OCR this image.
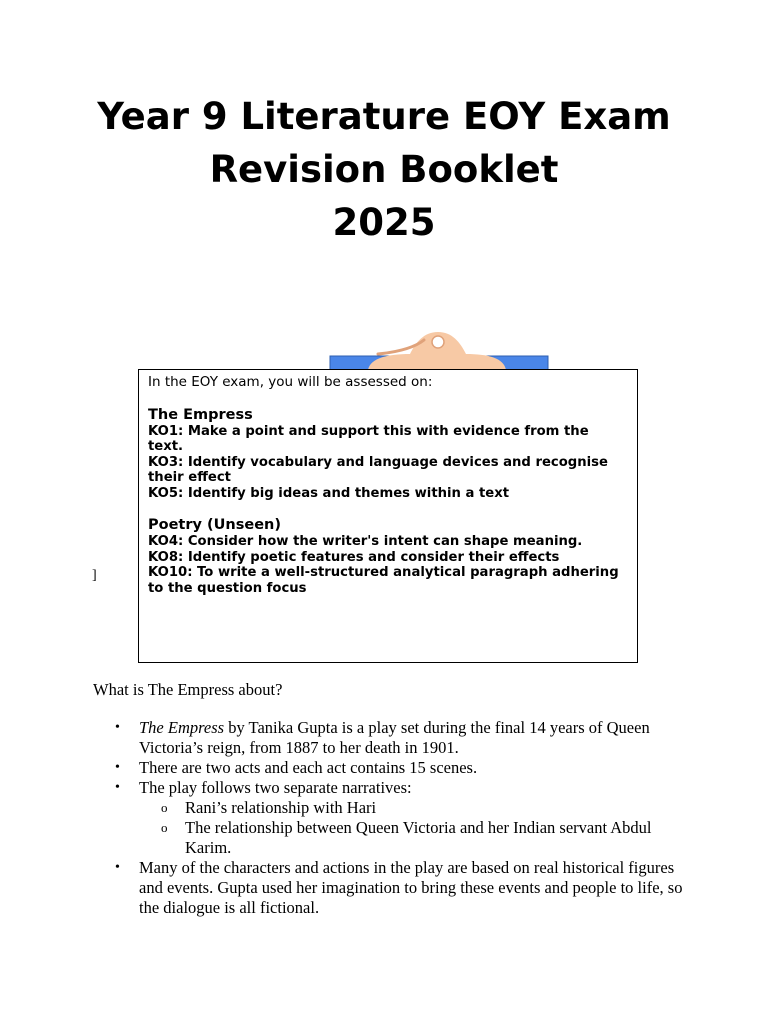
Year 9 Literature EOY Exam
Revision Booklet
2025
]

In the EOY exam, you will be assessed on:

The Empress

KO1: Make a point and support this with evidence from the text.

KO3: Identify vocabulary and language devices and recognise their effect

KO5: Identify big ideas and themes within a text

Poetry (Unseen)

KO4: Consider how the writer's intent can shape meaning.

KO8: Identify poetic features and consider their effects

KO10: To write a well-structured analytical paragraph adhering to the question focus

What is The Empress about?

• The Empress by Tanika Gupta is a play set during the final 14 years of Queen Victoria’s reign, from 1887 to her death in 1901.
• There are two acts and each act contains 15 scenes.
• The play follows two separate narratives:
o Rani’s relationship with Hari
o The relationship between Queen Victoria and her Indian servant Abdul Karim.
• Many of the characters and actions in the play are based on real historical figures and events. Gupta used her imagination to bring these events and people to life, so the dialogue is all fictional.
